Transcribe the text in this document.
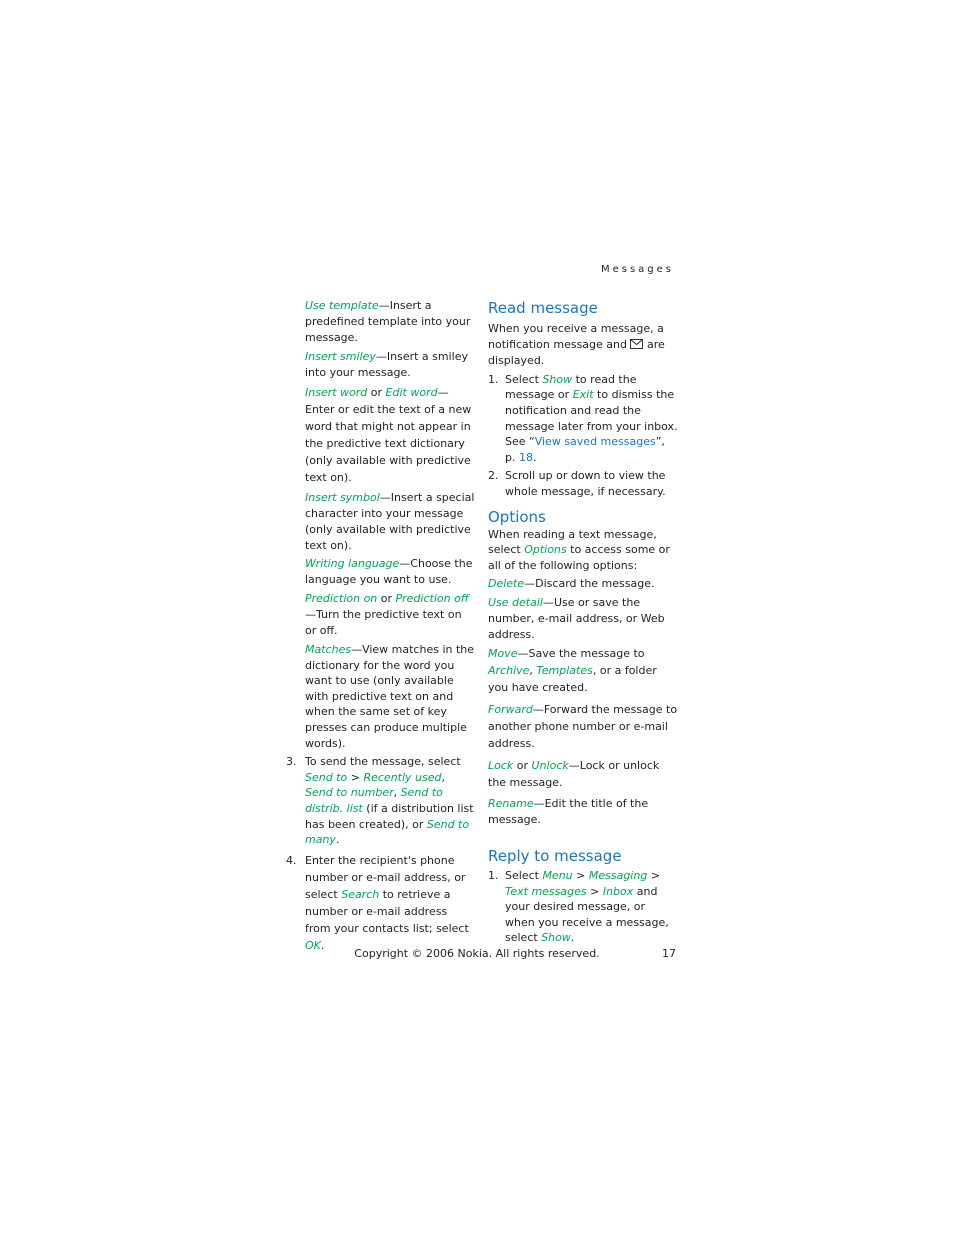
Messages

Use template—Insert a predefined template into your message.

Insert smiley—Insert a smiley into your message.

Insert word or Edit word—Enter or edit the text of a new word that might not appear in the predictive text dictionary (only available with predictive text on).

Insert symbol—Insert a special character into your message (only available with predictive text on).

Writing language—Choose the language you want to use.

Prediction on or Prediction off—Turn the predictive text on or off.

Matches—View matches in the dictionary for the word you want to use (only available with predictive text on and when the same set of key presses can produce multiple words).

3. To send the message, select Send to > Recently used, Send to number, Send to distrib. list (if a distribution list has been created), or Send to many.
4. Enter the recipient's phone number or e-mail address, or select Search to retrieve a number or e-mail address from your contacts list; select OK.
Read message

When you receive a message, a notification message and  are displayed.

1. Select Show to read the message or Exit to dismiss the notification and read the message later from your inbox. See “View saved messages”, p. 18.
2. Scroll up or down to view the whole message, if necessary.
Options

When reading a text message, select Options to access some or all of the following options:

Delete—Discard the message.

Use detail—Use or save the number, e-mail address, or Web address.

Move—Save the message to Archive, Templates, or a folder you have created.

Forward—Forward the message to another phone number or e-mail address.

Lock or Unlock—Lock or unlock the message.

Rename—Edit the title of the message.

Reply to message
1. Select Menu > Messaging > Text messages > Inbox and your desired message, or when you receive a message, select Show.

Copyright © 2006 Nokia. All rights reserved.	17
